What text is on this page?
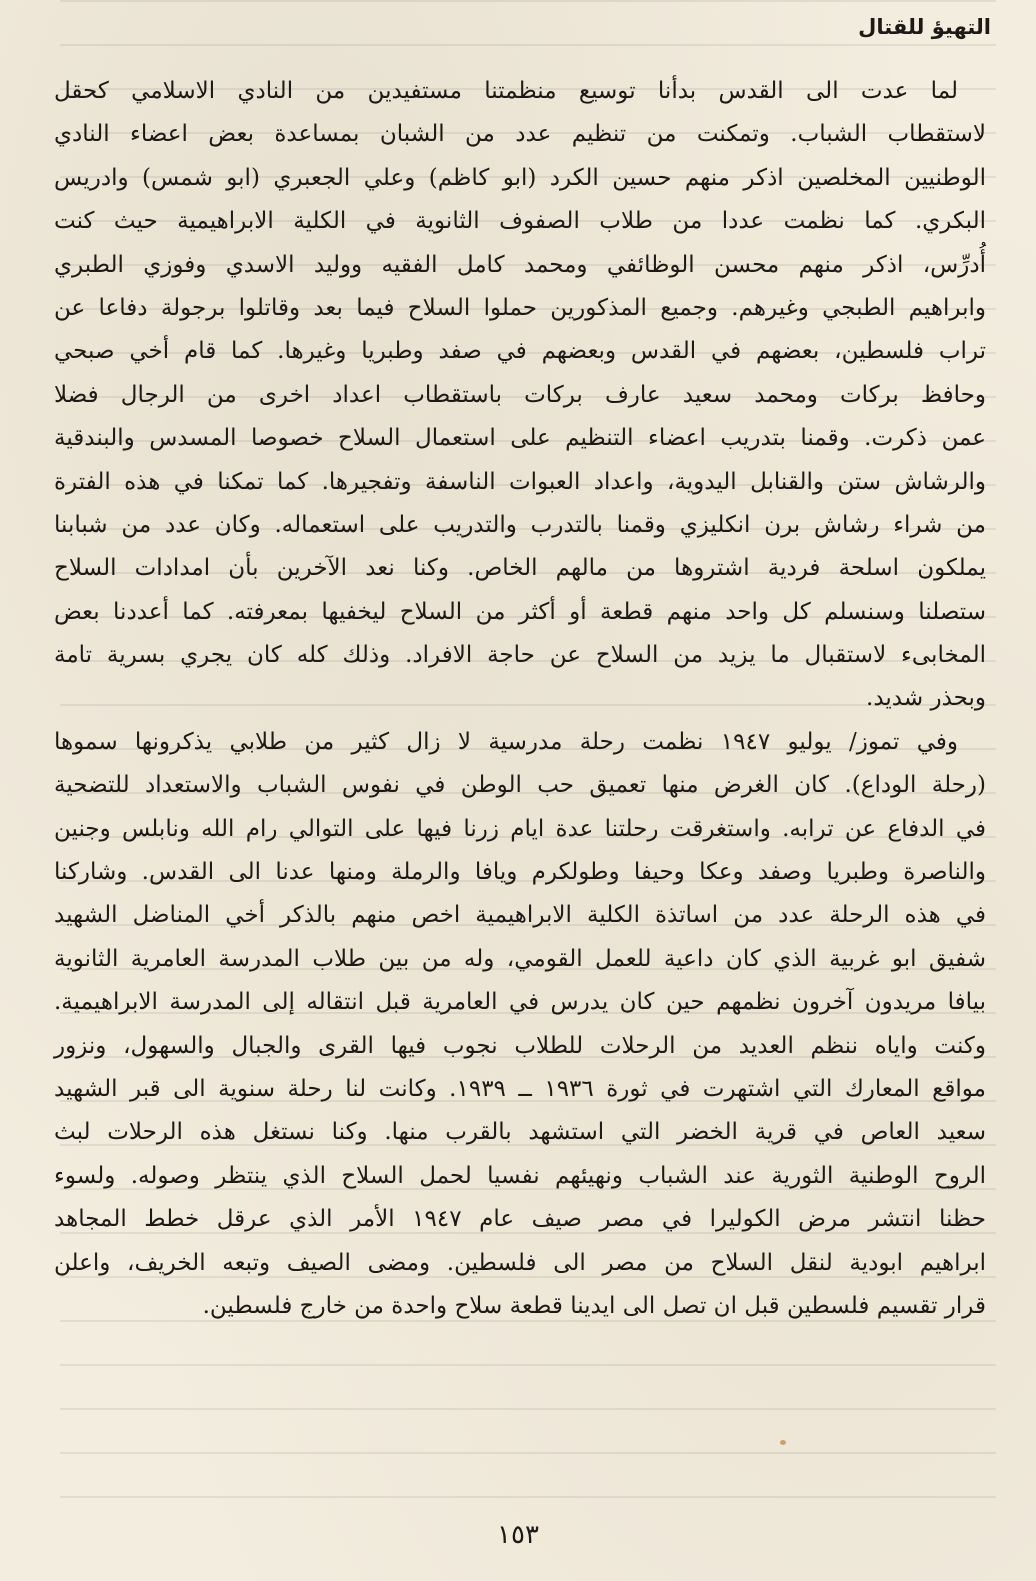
التهيؤ للقتال
لما عدت الى القدس بدأنا توسيع منظمتنا مستفيدين من النادي الاسلامي كحقل
لاستقطاب الشباب. وتمكنت من تنظيم عدد من الشبان بمساعدة بعض اعضاء النادي
الوطنيين المخلصين اذكر منهم حسين الكرد (ابو كاظم) وعلي الجعبري (ابو شمس) وادريس
البكري. كما نظمت عددا من طلاب الصفوف الثانوية في الكلية الابراهيمية حيث كنت
أُدرِّس، اذكر منهم محسن الوظائفي ومحمد كامل الفقيه ووليد الاسدي وفوزي الطبري
وابراهيم الطبجي وغيرهم. وجميع المذكورين حملوا السلاح فيما بعد وقاتلوا برجولة دفاعا عن
تراب فلسطين، بعضهم في القدس وبعضهم في صفد وطبريا وغيرها. كما قام أخي صبحي
وحافظ بركات ومحمد سعيد عارف بركات باستقطاب اعداد اخرى من الرجال فضلا
عمن ذكرت. وقمنا بتدريب اعضاء التنظيم على استعمال السلاح خصوصا المسدس والبندقية
والرشاش ستن والقنابل اليدوية، واعداد العبوات الناسفة وتفجيرها. كما تمكنا في هذه الفترة
من شراء رشاش برن انكليزي وقمنا بالتدرب والتدريب على استعماله. وكان عدد من شبابنا
يملكون اسلحة فردية اشتروها من مالهم الخاص. وكنا نعد الآخرين بأن امدادات السلاح
ستصلنا وسنسلم كل واحد منهم قطعة أو أكثر من السلاح ليخفيها بمعرفته. كما أعددنا بعض
المخابىء لاستقبال ما يزيد من السلاح عن حاجة الافراد. وذلك كله كان يجري بسرية تامة
وبحذر شديد.
وفي تموز/ يوليو ١٩٤٧ نظمت رحلة مدرسية لا زال كثير من طلابي يذكرونها سموها
(رحلة الوداع). كان الغرض منها تعميق حب الوطن في نفوس الشباب والاستعداد للتضحية
في الدفاع عن ترابه. واستغرقت رحلتنا عدة ايام زرنا فيها على التوالي رام الله ونابلس وجنين
والناصرة وطبريا وصفد وعكا وحيفا وطولكرم ويافا والرملة ومنها عدنا الى القدس. وشاركنا
في هذه الرحلة عدد من اساتذة الكلية الابراهيمية اخص منهم بالذكر أخي المناضل الشهيد
شفيق ابو غربية الذي كان داعية للعمل القومي، وله من بين طلاب المدرسة العامرية الثانوية
بيافا مريدون آخرون نظمهم حين كان يدرس في العامرية قبل انتقاله إلى المدرسة الابراهيمية.
وكنت واياه ننظم العديد من الرحلات للطلاب نجوب فيها القرى والجبال والسهول، ونزور
مواقع المعارك التي اشتهرت في ثورة ١٩٣٦ ــ ١٩٣٩. وكانت لنا رحلة سنوية الى قبر الشهيد
سعيد العاص في قرية الخضر التي استشهد بالقرب منها. وكنا نستغل هذه الرحلات لبث
الروح الوطنية الثورية عند الشباب ونهيئهم نفسيا لحمل السلاح الذي ينتظر وصوله. ولسوء
حظنا انتشر مرض الكوليرا في مصر صيف عام ١٩٤٧ الأمر الذي عرقل خطط المجاهد
ابراهيم ابودية لنقل السلاح من مصر الى فلسطين. ومضى الصيف وتبعه الخريف، واعلن
قرار تقسيم فلسطين قبل ان تصل الى ايدينا قطعة سلاح واحدة من خارج فلسطين.
١٥٣
